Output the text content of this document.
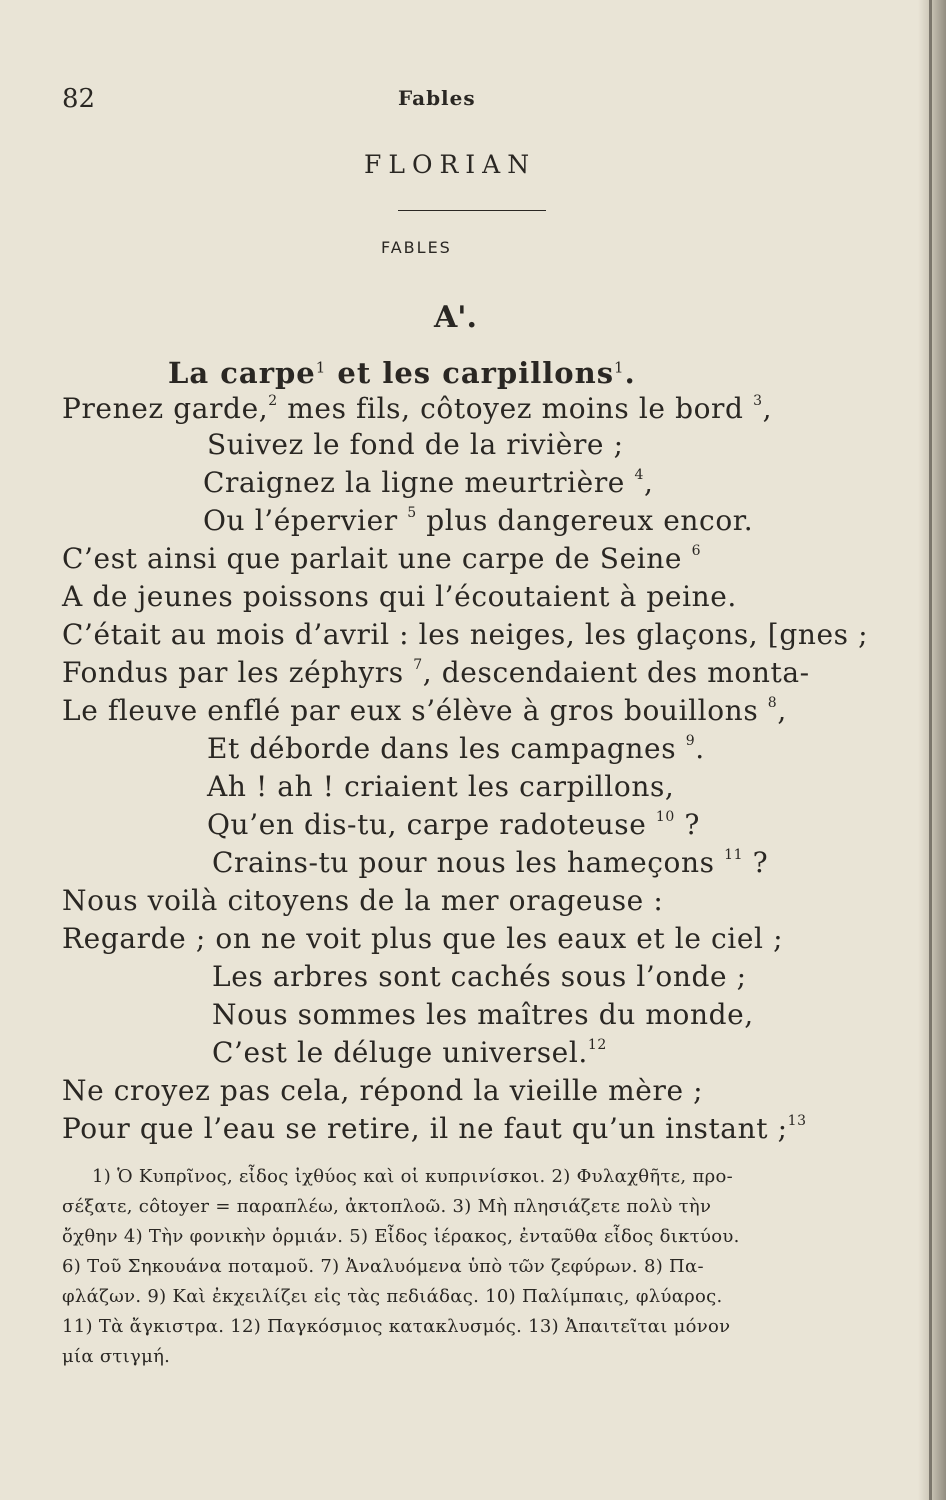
82	Fables
FLORIAN
FABLES
A'.
La carpe$^1$ et les carpillons$^1$.
Prenez garde,$^2$ mes fils, côtoyez moins le bord $^3$,
Suivez le fond de la rivière ;
Craignez la ligne meurtrière $^4$,
Ou l’épervier $^5$ plus dangereux encor.
C’est ainsi que parlait une carpe de Seine $^6$
A de jeunes poissons qui l’écoutaient à peine.
C’était au mois d’avril : les neiges, les glaçons, [gnes ;
Fondus par les zéphyrs $^7$, descendaient des monta-
Le fleuve enflé par eux s’élève à gros bouillons $^8$,
Et déborde dans les campagnes $^9$.
Ah ! ah ! criaient les carpillons,
Qu’en dis-tu, carpe radoteuse $^{10}$ ?
Crains-tu pour nous les hameçons $^{11}$ ?
Nous voilà citoyens de la mer orageuse :
Regarde ; on ne voit plus que les eaux et le ciel ;
Les arbres sont cachés sous l’onde ;
Nous sommes les maîtres du monde,
C’est le déluge universel.$^{12}$
Ne croyez pas cela, répond la vieille mère ;
Pour que l’eau se retire, il ne faut qu’un instant ;$^{13}$

1) Ὁ Κυπρῖνος, εἶδος ἰχθύος καὶ οἱ κυπρινίσκοι. 2) Φυλαχθῆτε, προ-

σέξατε, côtoyer = παραπλέω, ἀκτοπλοῶ. 3) Μὴ πλησιάζετε πολὺ τὴν

ὄχθην 4) Τὴν φονικὴν ὁρμιάν. 5) Εἶδος ἱέρακος, ἐνταῦθα εἶδος δικτύου.

6) Τοῦ Σηκουάνα ποταμοῦ. 7) Ἀναλυόμενα ὑπὸ τῶν ζεφύρων. 8) Πα-

φλάζων. 9) Καὶ ἐκχειλίζει εἰς τὰς πεδιάδας. 10) Παλίμπαις, φλύαρος.

11) Τὰ ἄγκιστρα. 12) Παγκόσμιος κατακλυσμός. 13) Ἀπαιτεῖται μόνον

μία στιγμή.
